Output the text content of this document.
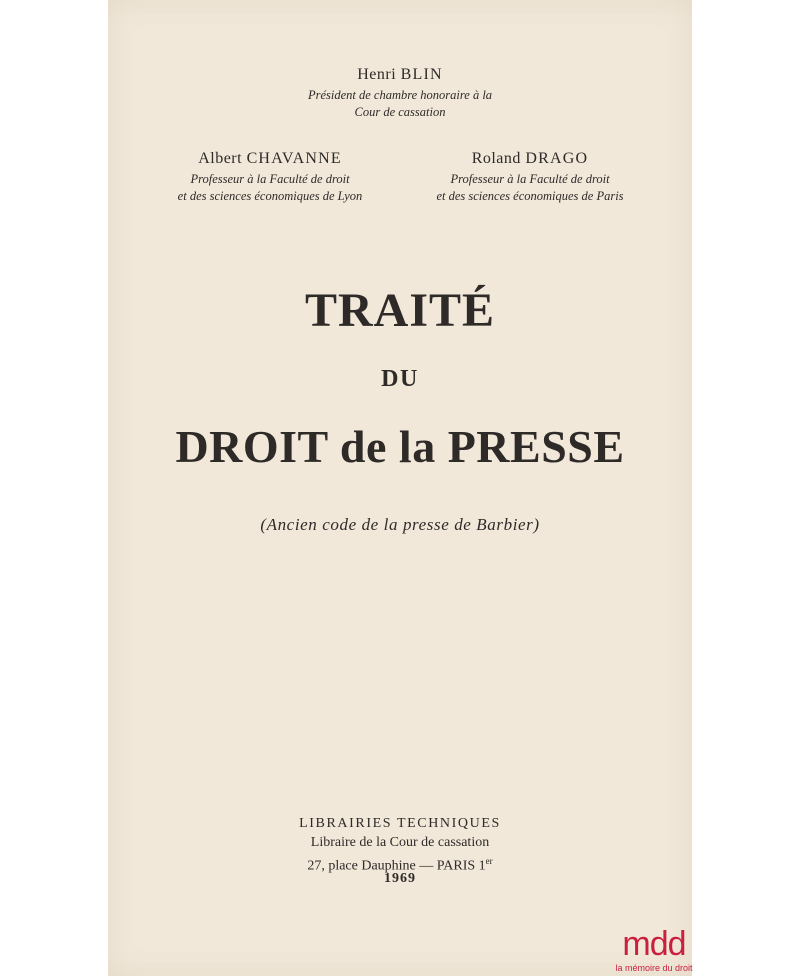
Henri BLIN
Président de chambre honoraire à la
Cour de cassation
Albert CHAVANNE
Professeur à la Faculté de droit
et des sciences économiques de Lyon
Roland DRAGO
Professeur à la Faculté de droit
et des sciences économiques de Paris
TRAITÉ
DU
DROIT de la PRESSE
(Ancien code de la presse de Barbier)
LIBRAIRIES TECHNIQUES
Libraire de la Cour de cassation
27, place Dauphine — PARIS 1er
1969
mdd
la mémoire du droit
